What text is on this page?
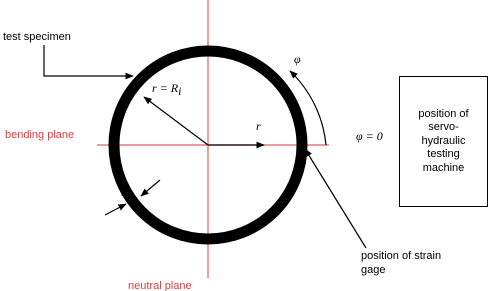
test specimen
bending plane
neutral plane
r = Ri
r
t
φ
φ = 0
position of strain
gage
position of servo-hydraulic testing machine
